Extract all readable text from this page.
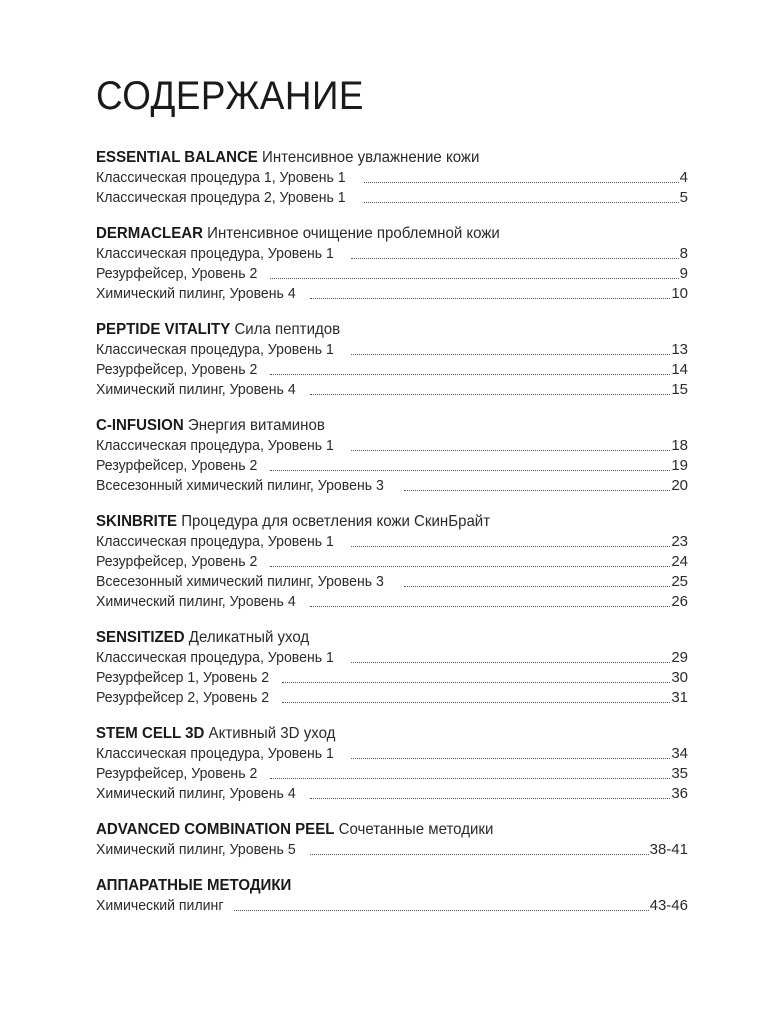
СОДЕРЖАНИЕ
ESSENTIAL BALANCE Интенсивное увлажнение кожи
Классическая процедура 1, Уровень 1	4
Классическая процедура 2, Уровень 1	5
DERMACLEAR Интенсивное очищение проблемной кожи
Классическая процедура, Уровень 1	8
Резурфейсер, Уровень 2	9
Химический пилинг, Уровень 4	10
PEPTIDE VITALITY Сила пептидов
Классическая процедура, Уровень 1	13
Резурфейсер, Уровень 2	14
Химический пилинг, Уровень 4	15
C-INFUSION Энергия витаминов
Классическая процедура, Уровень 1	18
Резурфейсер, Уровень 2	19
Всесезонный химический пилинг, Уровень 3	20
SKINBRITE Процедура для осветления кожи СкинБрайт
Классическая процедура, Уровень 1	23
Резурфейсер, Уровень 2	24
Всесезонный химический пилинг, Уровень 3	25
Химический пилинг, Уровень 4	26
SENSITIZED Деликатный уход
Классическая процедура, Уровень 1	29
Резурфейсер 1, Уровень 2	30
Резурфейсер 2, Уровень 2	31
STEM CELL 3D Активный 3D уход
Классическая процедура, Уровень 1	34
Резурфейсер, Уровень 2	35
Химический пилинг, Уровень 4	36
ADVANCED COMBINATION PEEL Сочетанные методики
Химический пилинг, Уровень 5	38-41
АППАРАТНЫЕ МЕТОДИКИ
Химический пилинг	43-46
